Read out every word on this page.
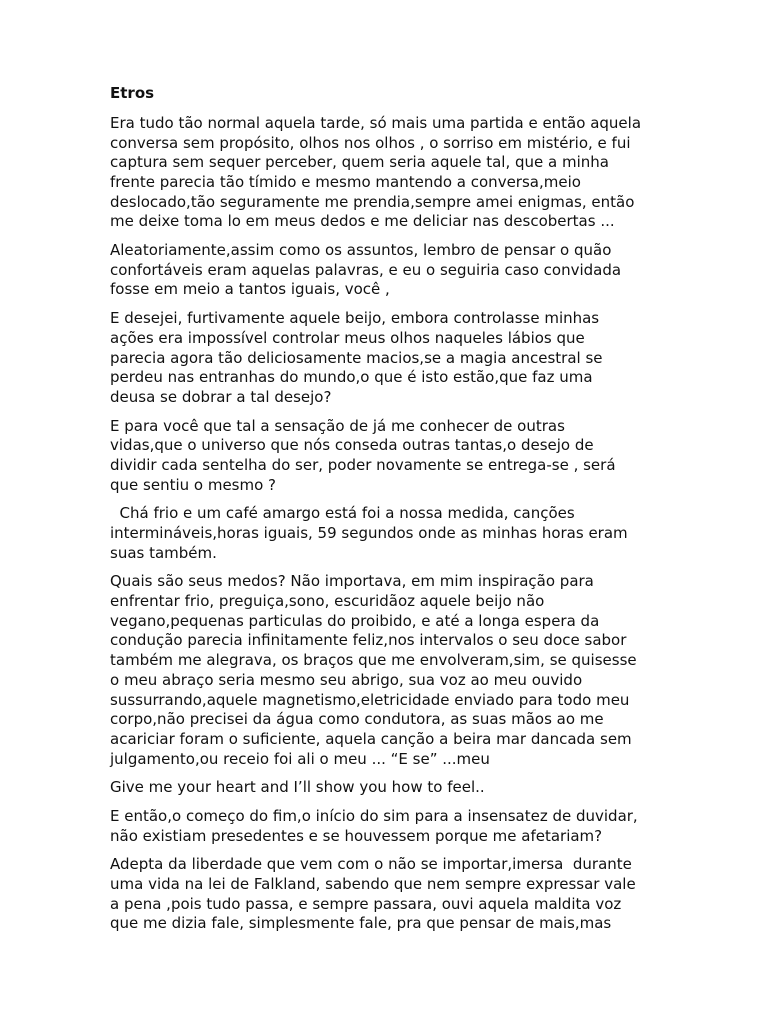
Etros
Era tudo tão normal aquela tarde, só mais uma partida e então aquela
conversa sem propósito, olhos nos olhos , o sorriso em mistério, e fui
captura sem sequer perceber, quem seria aquele tal, que a minha
frente parecia tão tímido e mesmo mantendo a conversa,meio
deslocado,tão seguramente me prendia,sempre amei enigmas, então
me deixe toma lo em meus dedos e me deliciar nas descobertas ...
Aleatoriamente,assim como os assuntos, lembro de pensar o quão
confortáveis eram aquelas palavras, e eu o seguiria caso convidada
fosse em meio a tantos iguais, você ,
E desejei, furtivamente aquele beijo, embora controlasse minhas
ações era impossível controlar meus olhos naqueles lábios que
parecia agora tão deliciosamente macios,se a magia ancestral se
perdeu nas entranhas do mundo,o que é isto estão,que faz uma
deusa se dobrar a tal desejo?
E para você que tal a sensação de já me conhecer de outras
vidas,que o universo que nós conseda outras tantas,o desejo de
dividir cada sentelha do ser, poder novamente se entrega-se , será
que sentiu o mesmo ?
Chá frio e um café amargo está foi a nossa medida, canções
intermináveis,horas iguais, 59 segundos onde as minhas horas eram
suas também.
Quais são seus medos? Não importava, em mim inspiração para
enfrentar frio, preguiça,sono, escuridãoz aquele beijo não
vegano,pequenas particulas do proibido, e até a longa espera da
condução parecia infinitamente feliz,nos intervalos o seu doce sabor
também me alegrava, os braços que me envolveram,sim, se quisesse
o meu abraço seria mesmo seu abrigo, sua voz ao meu ouvido
sussurrando,aquele magnetismo,eletricidade enviado para todo meu
corpo,não precisei da água como condutora, as suas mãos ao me
acariciar foram o suficiente, aquela canção a beira mar dancada sem
julgamento,ou receio foi ali o meu ... “E se” ...meu
Give me your heart and I’ll show you how to feel..
E então,o começo do fim,o início do sim para a insensatez de duvidar,
não existiam presedentes e se houvessem porque me afetariam?
Adepta da liberdade que vem com o não se importar,imersa  durante
uma vida na lei de Falkland, sabendo que nem sempre expressar vale
a pena ,pois tudo passa, e sempre passara, ouvi aquela maldita voz
que me dizia fale, simplesmente fale, pra que pensar de mais,mas
